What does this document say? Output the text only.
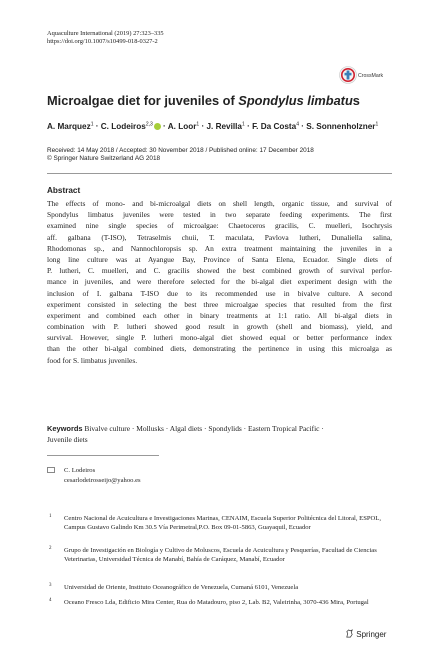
Aquaculture International (2019) 27:323–335
https://doi.org/10.1007/s10499-018-0327-2
CrossMark
Microalgae diet for juveniles of Spondylus limbatus
A. Marquez$^1$ · C. Lodeiros$^{2,3}$ · A. Loor$^1$ · J. Revilla$^1$ · F. Da Costa$^4$ · S. Sonnenholzner$^1$
Received: 14 May 2018 / Accepted: 30 November 2018 / Published online: 17 December 2018
© Springer Nature Switzerland AG 2018
Abstract
The effects of mono- and bi-microalgal diets on shell length, organic tissue, and survival of
Spondylus limbatus juveniles were tested in two separate feeding experiments. The first
examined nine single species of microalgae: Chaetoceros gracilis, C. muelleri, Isochrysis
aff. galbana (T-ISO), Tetraselmis chuii, T. maculata, Pavlova lutheri, Dunaliella salina,
Rhodomonas sp., and Nannochloropsis sp. An extra treatment maintaining the juveniles in a
long line culture was at Ayangue Bay, Province of Santa Elena, Ecuador. Single diets of
P. lutheri, C. muelleri, and C. gracilis showed the best combined growth of survival perfor-
mance in juveniles, and were therefore selected for the bi-algal diet experiment design with the
inclusion of I. galbana T-ISO due to its recommended use in bivalve culture. A second
experiment consisted in selecting the best three microalgae species that resulted from the first
experiment and combined each other in binary treatments at 1:1 ratio. All bi-algal diets in
combination with P. lutheri showed good result in growth (shell and biomass), yield, and
survival. However, single P. lutheri mono-algal diet showed equal or better performance index
than the other bi-algal combined diets, demonstrating the pertinence in using this microalga as
food for S. limbatus juveniles.
Keywords Bivalve culture · Mollusks · Algal diets · Spondylids · Eastern Tropical Pacific ·
Juvenile diets
C. Lodeiros
cesarlodeirosseijo@yahoo.es
1 Centro Nacional de Acuicultura e Investigaciones Marinas, CENAIM, Escuela Superior Politécnica del Litoral, ESPOL, Campus Gustavo Galindo Km 30.5 Vía Perimetral,P.O. Box 09-01-5863, Guayaquil, Ecuador
2 Grupo de Investigación en Biología y Cultivo de Moluscos, Escuela de Acuicultura y Pesquerías, Facultad de Ciencias Veterinarias, Universidad Técnica de Manabí, Bahía de Caráquez, Manabí, Ecuador
3 Universidad de Oriente, Instituto Oceanográfico de Venezuela, Cumaná 6101, Venezuela
4 Oceano Fresco Lda, Edificio Mira Center, Rua do Matadouro, piso 2, Lab. B2, Valeirinha, 3070-436 Mira, Portugal
Springer
